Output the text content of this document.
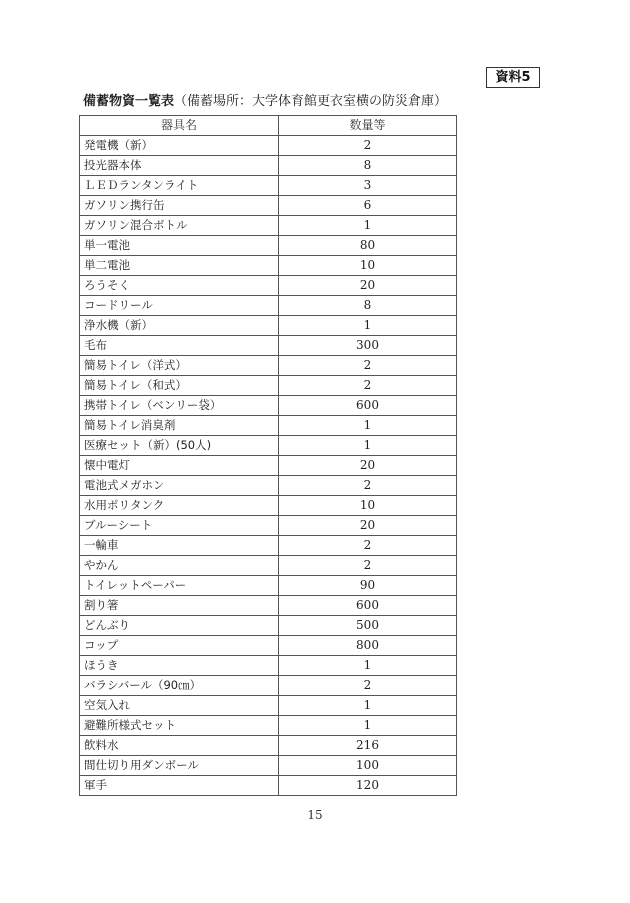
資料5
備蓄物資一覧表（備蓄場所：大学体育館更衣室横の防災倉庫）
器具名	数量等
発電機（新）	2
投光器本体	8
ＬＥＤランタンライト	3
ガソリン携行缶	6
ガソリン混合ボトル	1
単一電池	80
単二電池	10
ろうそく	20
コードリール	8
浄水機（新）	1
毛布	300
簡易トイレ（洋式）	2
簡易トイレ（和式）	2
携帯トイレ（ベンリー袋）	600
簡易トイレ消臭剤	1
医療セット（新）(50人)	1
懐中電灯	20
電池式メガホン	2
水用ポリタンク	10
ブルーシート	20
一輪車	2
やかん	2
トイレットペーパー	90
割り箸	600
どんぶり	500
コップ	800
ほうき	1
バラシバール（90㎝）	2
空気入れ	1
避難所様式セット	1
飲料水	216
間仕切り用ダンボール	100
軍手	120
15
